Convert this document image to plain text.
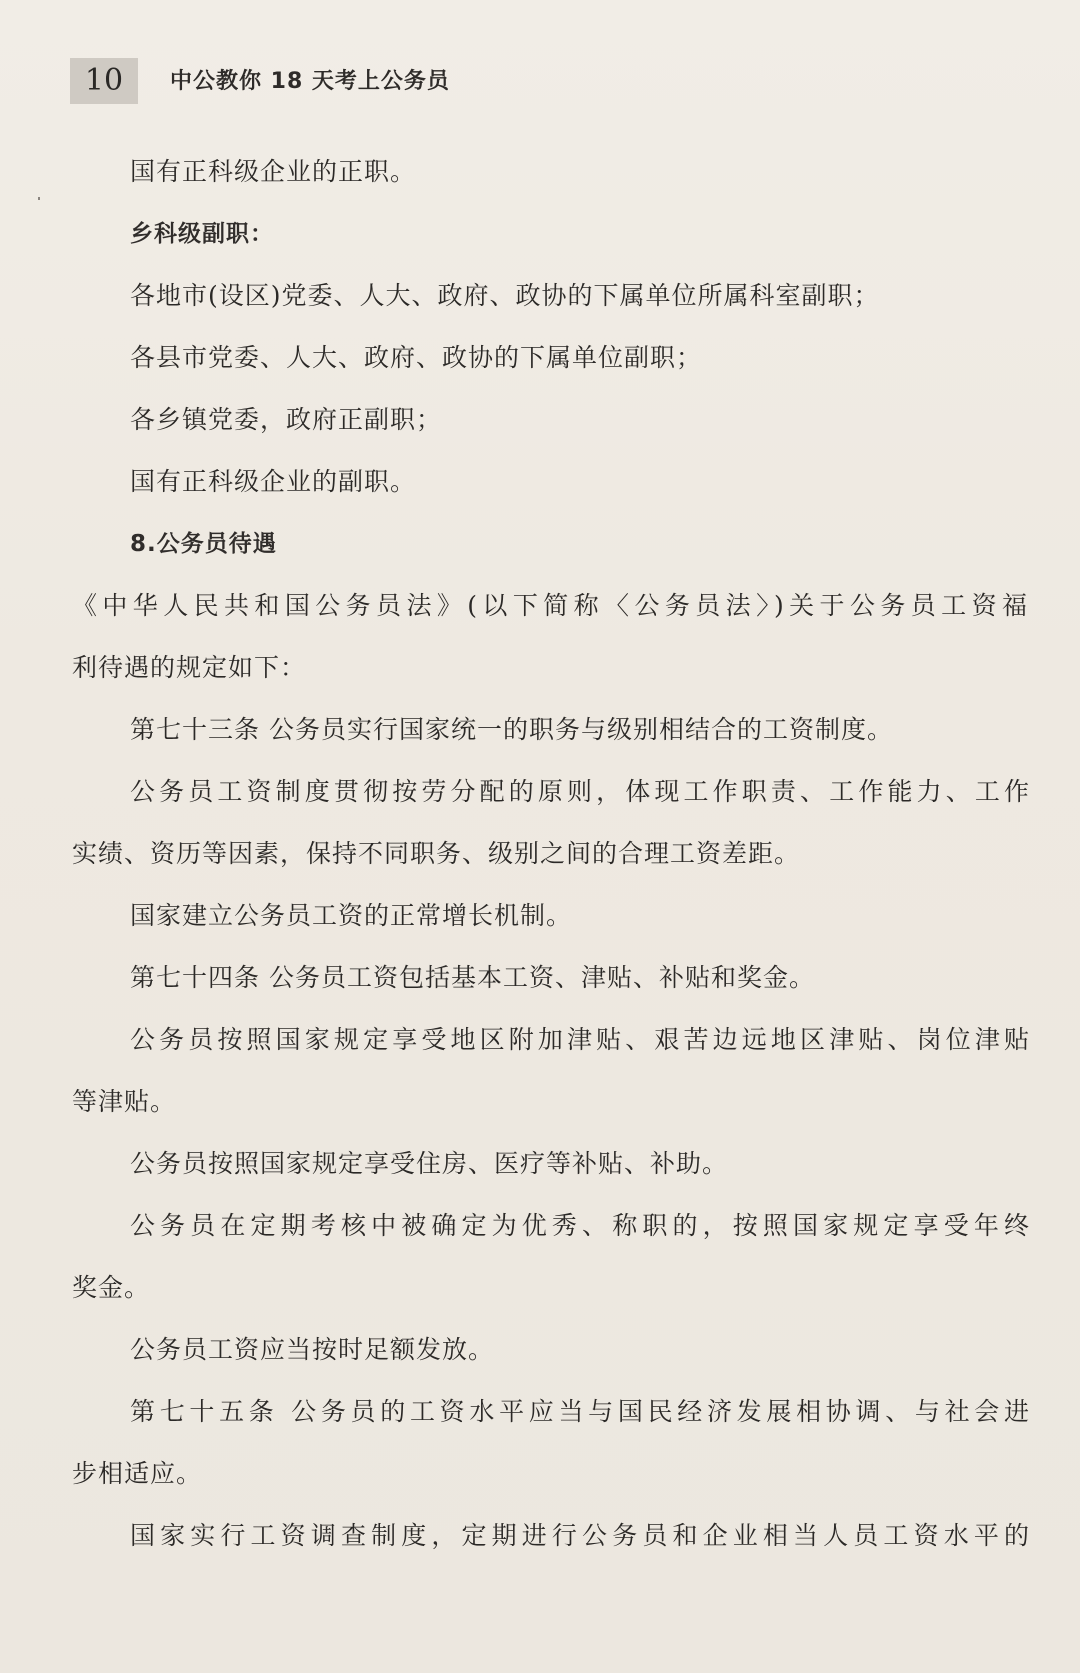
10	中公教你 18 天考上公务员
国有正科级企业的正职。
乡科级副职：
各地市(设区)党委、人大、政府、政协的下属单位所属科室副职；
各县市党委、人大、政府、政协的下属单位副职；
各乡镇党委，政府正副职；
国有正科级企业的副职。
8.公务员待遇
《中华人民共和国公务员法》(以下简称〈公务员法〉)关于公务员工资福
利待遇的规定如下：
第七十三条 公务员实行国家统一的职务与级别相结合的工资制度。
公务员工资制度贯彻按劳分配的原则，体现工作职责、工作能力、工作
实绩、资历等因素，保持不同职务、级别之间的合理工资差距。
国家建立公务员工资的正常增长机制。
第七十四条 公务员工资包括基本工资、津贴、补贴和奖金。
公务员按照国家规定享受地区附加津贴、艰苦边远地区津贴、岗位津贴
等津贴。
公务员按照国家规定享受住房、医疗等补贴、补助。
公务员在定期考核中被确定为优秀、称职的，按照国家规定享受年终
奖金。
公务员工资应当按时足额发放。
第七十五条 公务员的工资水平应当与国民经济发展相协调、与社会进
步相适应。
国家实行工资调查制度，定期进行公务员和企业相当人员工资水平的
